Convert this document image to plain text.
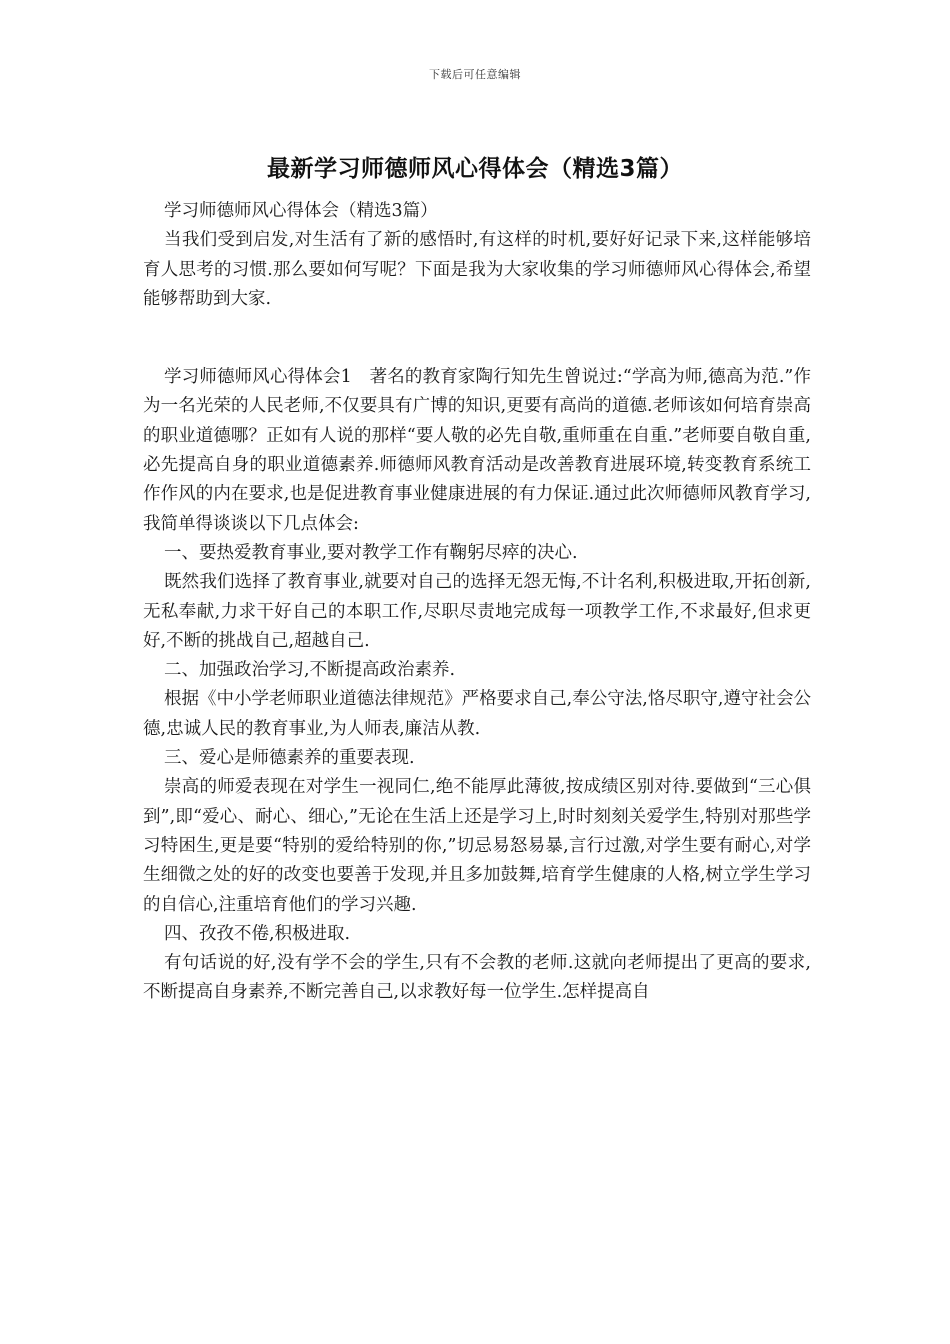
下载后可任意编辑
最新学习师德师风心得体会（精选3篇）

学习师德师风心得体会（精选3篇）

当我们受到启发,对生活有了新的感悟时,有这样的时机,要好好记录下来,这样能够培育人思考的习惯.那么要如何写呢？下面是我为大家收集的学习师德师风心得体会,希望能够帮助到大家.

学习师德师风心得体会1　著名的教育家陶行知先生曾说过:“学高为师,德高为范.”作为一名光荣的人民老师,不仅要具有广博的知识,更要有高尚的道德.老师该如何培育崇高的职业道德哪？正如有人说的那样“要人敬的必先自敬,重师重在自重.”老师要自敬自重,必先提高自身的职业道德素养.师德师风教育活动是改善教育进展环境,转变教育系统工作作风的内在要求,也是促进教育事业健康进展的有力保证.通过此次师德师风教育学习,我简单得谈谈以下几点体会:

一、要热爱教育事业,要对教学工作有鞠躬尽瘁的决心.

既然我们选择了教育事业,就要对自己的选择无怨无悔,不计名利,积极进取,开拓创新,无私奉献,力求干好自己的本职工作,尽职尽责地完成每一项教学工作,不求最好,但求更好,不断的挑战自己,超越自己.

二、加强政治学习,不断提高政治素养.

根据《中小学老师职业道德法律规范》严格要求自己,奉公守法,恪尽职守,遵守社会公德,忠诚人民的教育事业,为人师表,廉洁从教.

三、爱心是师德素养的重要表现.

崇高的师爱表现在对学生一视同仁,绝不能厚此薄彼,按成绩区别对待.要做到“三心俱到”,即“爱心、耐心、细心,”无论在生活上还是学习上,时时刻刻关爱学生,特别对那些学习特困生,更是要“特别的爱给特别的你,”切忌易怒易暴,言行过激,对学生要有耐心,对学生细微之处的好的改变也要善于发现,并且多加鼓舞,培育学生健康的人格,树立学生学习的自信心,注重培育他们的学习兴趣.

四、孜孜不倦,积极进取.

有句话说的好,没有学不会的学生,只有不会教的老师.这就向老师提出了更高的要求,不断提高自身素养,不断完善自己,以求教好每一位学生.怎样提高自
